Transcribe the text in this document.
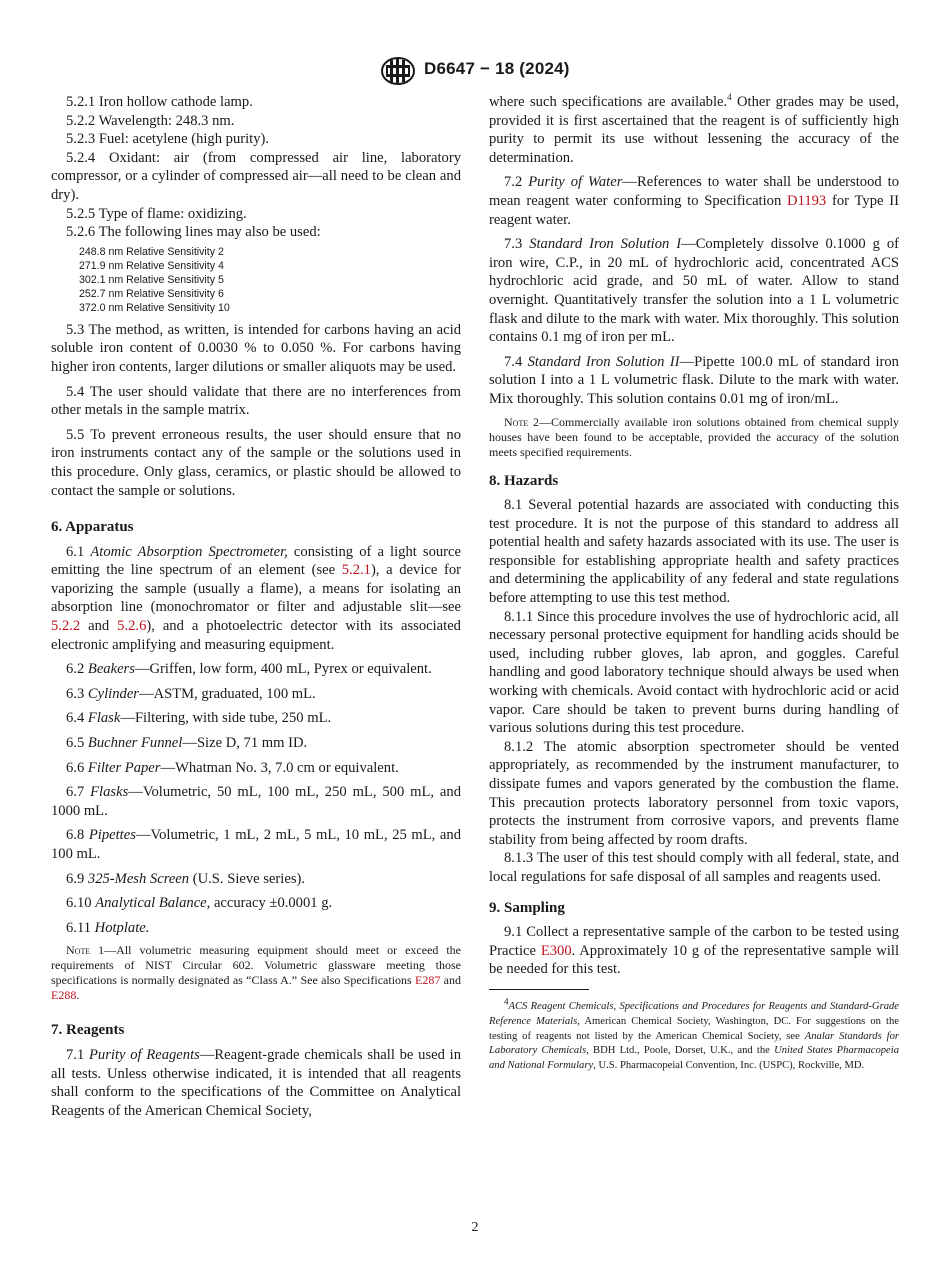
D6647 − 18 (2024)

5.2.1 Iron hollow cathode lamp.

5.2.2 Wavelength: 248.3 nm.

5.2.3 Fuel: acetylene (high purity).

5.2.4 Oxidant: air (from compressed air line, laboratory compressor, or a cylinder of compressed air—all need to be clean and dry).

5.2.5 Type of flame: oxidizing.

5.2.6 The following lines may also be used:

248.8 nm Relative Sensitivity 2
271.9 nm Relative Sensitivity 4
302.1 nm Relative Sensitivity 5
252.7 nm Relative Sensitivity 6
372.0 nm Relative Sensitivity 10

5.3 The method, as written, is intended for carbons having an acid soluble iron content of 0.0030 % to 0.050 %. For carbons having higher iron contents, larger dilutions or smaller aliquots may be used.

5.4 The user should validate that there are no interferences from other metals in the sample matrix.

5.5 To prevent erroneous results, the user should ensure that no iron instruments contact any of the sample or the solutions used in this procedure. Only glass, ceramics, or plastic should be allowed to contact the sample or solutions.

6. Apparatus

6.1 Atomic Absorption Spectrometer, consisting of a light source emitting the line spectrum of an element (see 5.2.1), a device for vaporizing the sample (usually a flame), a means for isolating an absorption line (monochromator or filter and adjustable slit—see 5.2.2 and 5.2.6), and a photoelectric detector with its associated electronic amplifying and measuring equipment.

6.2 Beakers—Griffen, low form, 400 mL, Pyrex or equivalent.

6.3 Cylinder—ASTM, graduated, 100 mL.

6.4 Flask—Filtering, with side tube, 250 mL.

6.5 Buchner Funnel—Size D, 71 mm ID.

6.6 Filter Paper—Whatman No. 3, 7.0 cm or equivalent.

6.7 Flasks—Volumetric, 50 mL, 100 mL, 250 mL, 500 mL, and 1000 mL.

6.8 Pipettes—Volumetric, 1 mL, 2 mL, 5 mL, 10 mL, 25 mL, and 100 mL.

6.9 325-Mesh Screen (U.S. Sieve series).

6.10 Analytical Balance, accuracy ±0.0001 g.

6.11 Hotplate.

Note 1—All volumetric measuring equipment should meet or exceed the requirements of NIST Circular 602. Volumetric glassware meeting those specifications is normally designated as “Class A.” See also Specifications E287 and E288.
7. Reagents

7.1 Purity of Reagents—Reagent-grade chemicals shall be used in all tests. Unless otherwise indicated, it is intended that all reagents shall conform to the specifications of the Committee on Analytical Reagents of the American Chemical Society,

where such specifications are available.$^4$ Other grades may be used, provided it is first ascertained that the reagent is of sufficiently high purity to permit its use without lessening the accuracy of the determination.

7.2 Purity of Water—References to water shall be understood to mean reagent water conforming to Specification D1193 for Type II reagent water.

7.3 Standard Iron Solution I—Completely dissolve 0.1000 g of iron wire, C.P., in 20 mL of hydrochloric acid, concentrated ACS hydrochloric acid grade, and 50 mL of water. Allow to stand overnight. Quantitatively transfer the solution into a 1 L volumetric flask and dilute to the mark with water. Mix thoroughly. This solution contains 0.1 mg of iron per mL.

7.4 Standard Iron Solution II—Pipette 100.0 mL of standard iron solution I into a 1 L volumetric flask. Dilute to the mark with water. Mix thoroughly. This solution contains 0.01 mg of iron/mL.

Note 2—Commercially available iron solutions obtained from chemical supply houses have been found to be acceptable, provided the accuracy of the solution meets specified requirements.
8. Hazards

8.1 Several potential hazards are associated with conducting this test procedure. It is not the purpose of this standard to address all potential health and safety hazards associated with its use. The user is responsible for establishing appropriate health and safety practices and determining the applicability of any federal and state regulations before attempting to use this test method.

8.1.1 Since this procedure involves the use of hydrochloric acid, all necessary personal protective equipment for handling acids should be used, including rubber gloves, lab apron, and goggles. Careful handling and good laboratory technique should always be used when working with chemicals. Avoid contact with hydrochloric acid or acid vapor. Care should be taken to prevent burns during handling of various solutions during this test procedure.

8.1.2 The atomic absorption spectrometer should be vented appropriately, as recommended by the instrument manufacturer, to dissipate fumes and vapors generated by the combustion the flame. This precaution protects laboratory personnel from toxic vapors, protects the instrument from corrosive vapors, and prevents flame stability from being affected by room drafts.

8.1.3 The user of this test should comply with all federal, state, and local regulations for safe disposal of all samples and reagents used.

9. Sampling

9.1 Collect a representative sample of the carbon to be tested using Practice E300. Approximately 10 g of the representative sample will be needed for this test.

$^4$ACS Reagent Chemicals, Specifications and Procedures for Reagents and Standard-Grade Reference Materials, American Chemical Society, Washington, DC. For suggestions on the testing of reagents not listed by the American Chemical Society, see Analar Standards for Laboratory Chemicals, BDH Ltd., Poole, Dorset, U.K., and the United States Pharmacopeia and National Formulary, U.S. Pharmacopeial Convention, Inc. (USPC), Rockville, MD.
2
